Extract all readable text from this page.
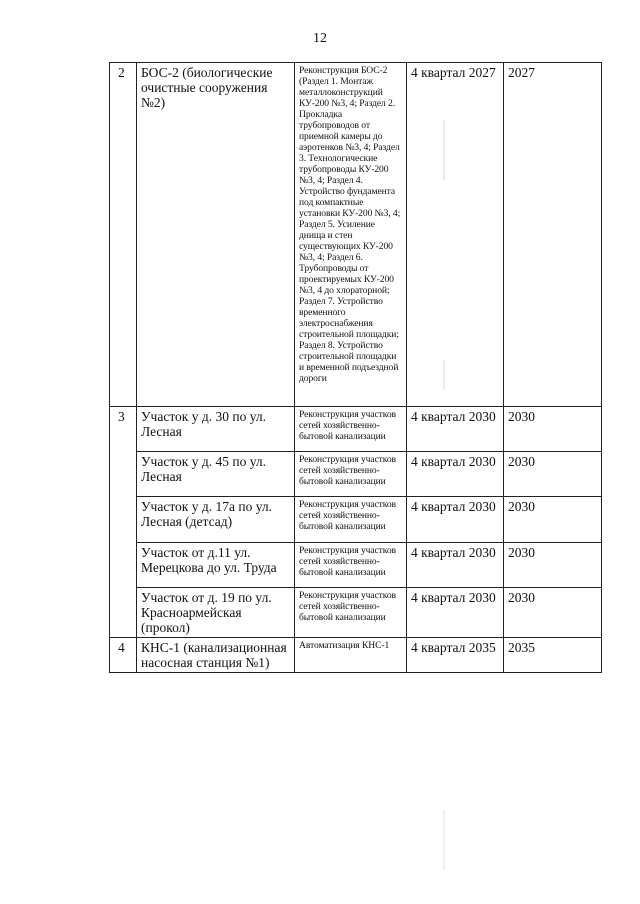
12
2	БОС-2 (биологические очистные сооружения №2)	Реконструкция БОС-2 (Раздел 1. Монтаж металлоконструкций КУ-200 №3, 4; Раздел 2. Прокладка трубопроводов от приемной камеры до аэротенков №3, 4; Раздел 3. Технологические трубопроводы КУ-200 №3, 4; Раздел 4. Устройство фундамента под компактные установки КУ-200 №3, 4; Раздел 5. Усиление днища и стен существующих КУ-200 №3, 4; Раздел 6. Трубопроводы от проектируемых КУ-200 №3, 4 до хлораторной; Раздел 7. Устройство временного электроснабжения строительной площадки; Раздел 8. Устройство строительной площадки и временной подъездной дороги	4 квартал 2027	2027
3	Участок у д. 30 по ул. Лесная	Реконструкция участков сетей хозяйственно-бытовой канализации	4 квартал 2030	2030
	Участок у д. 45 по ул. Лесная	Реконструкция участков сетей хозяйственно-бытовой канализации	4 квартал 2030	2030
	Участок у д. 17а по ул. Лесная (детсад)	Реконструкция участков сетей хозяйственно-бытовой канализации	4 квартал 2030	2030
	Участок от д.11 ул. Мерецкова до ул. Труда	Реконструкция участков сетей хозяйственно-бытовой канализации	4 квартал 2030	2030
	Участок от д. 19 по ул. Красноармейская (прокол)	Реконструкция участков сетей хозяйственно-бытовой канализации	4 квартал 2030	2030
4	КНС-1 (канализационная насосная станция №1)	Автоматизация КНС-1	4 квартал 2035	2035
